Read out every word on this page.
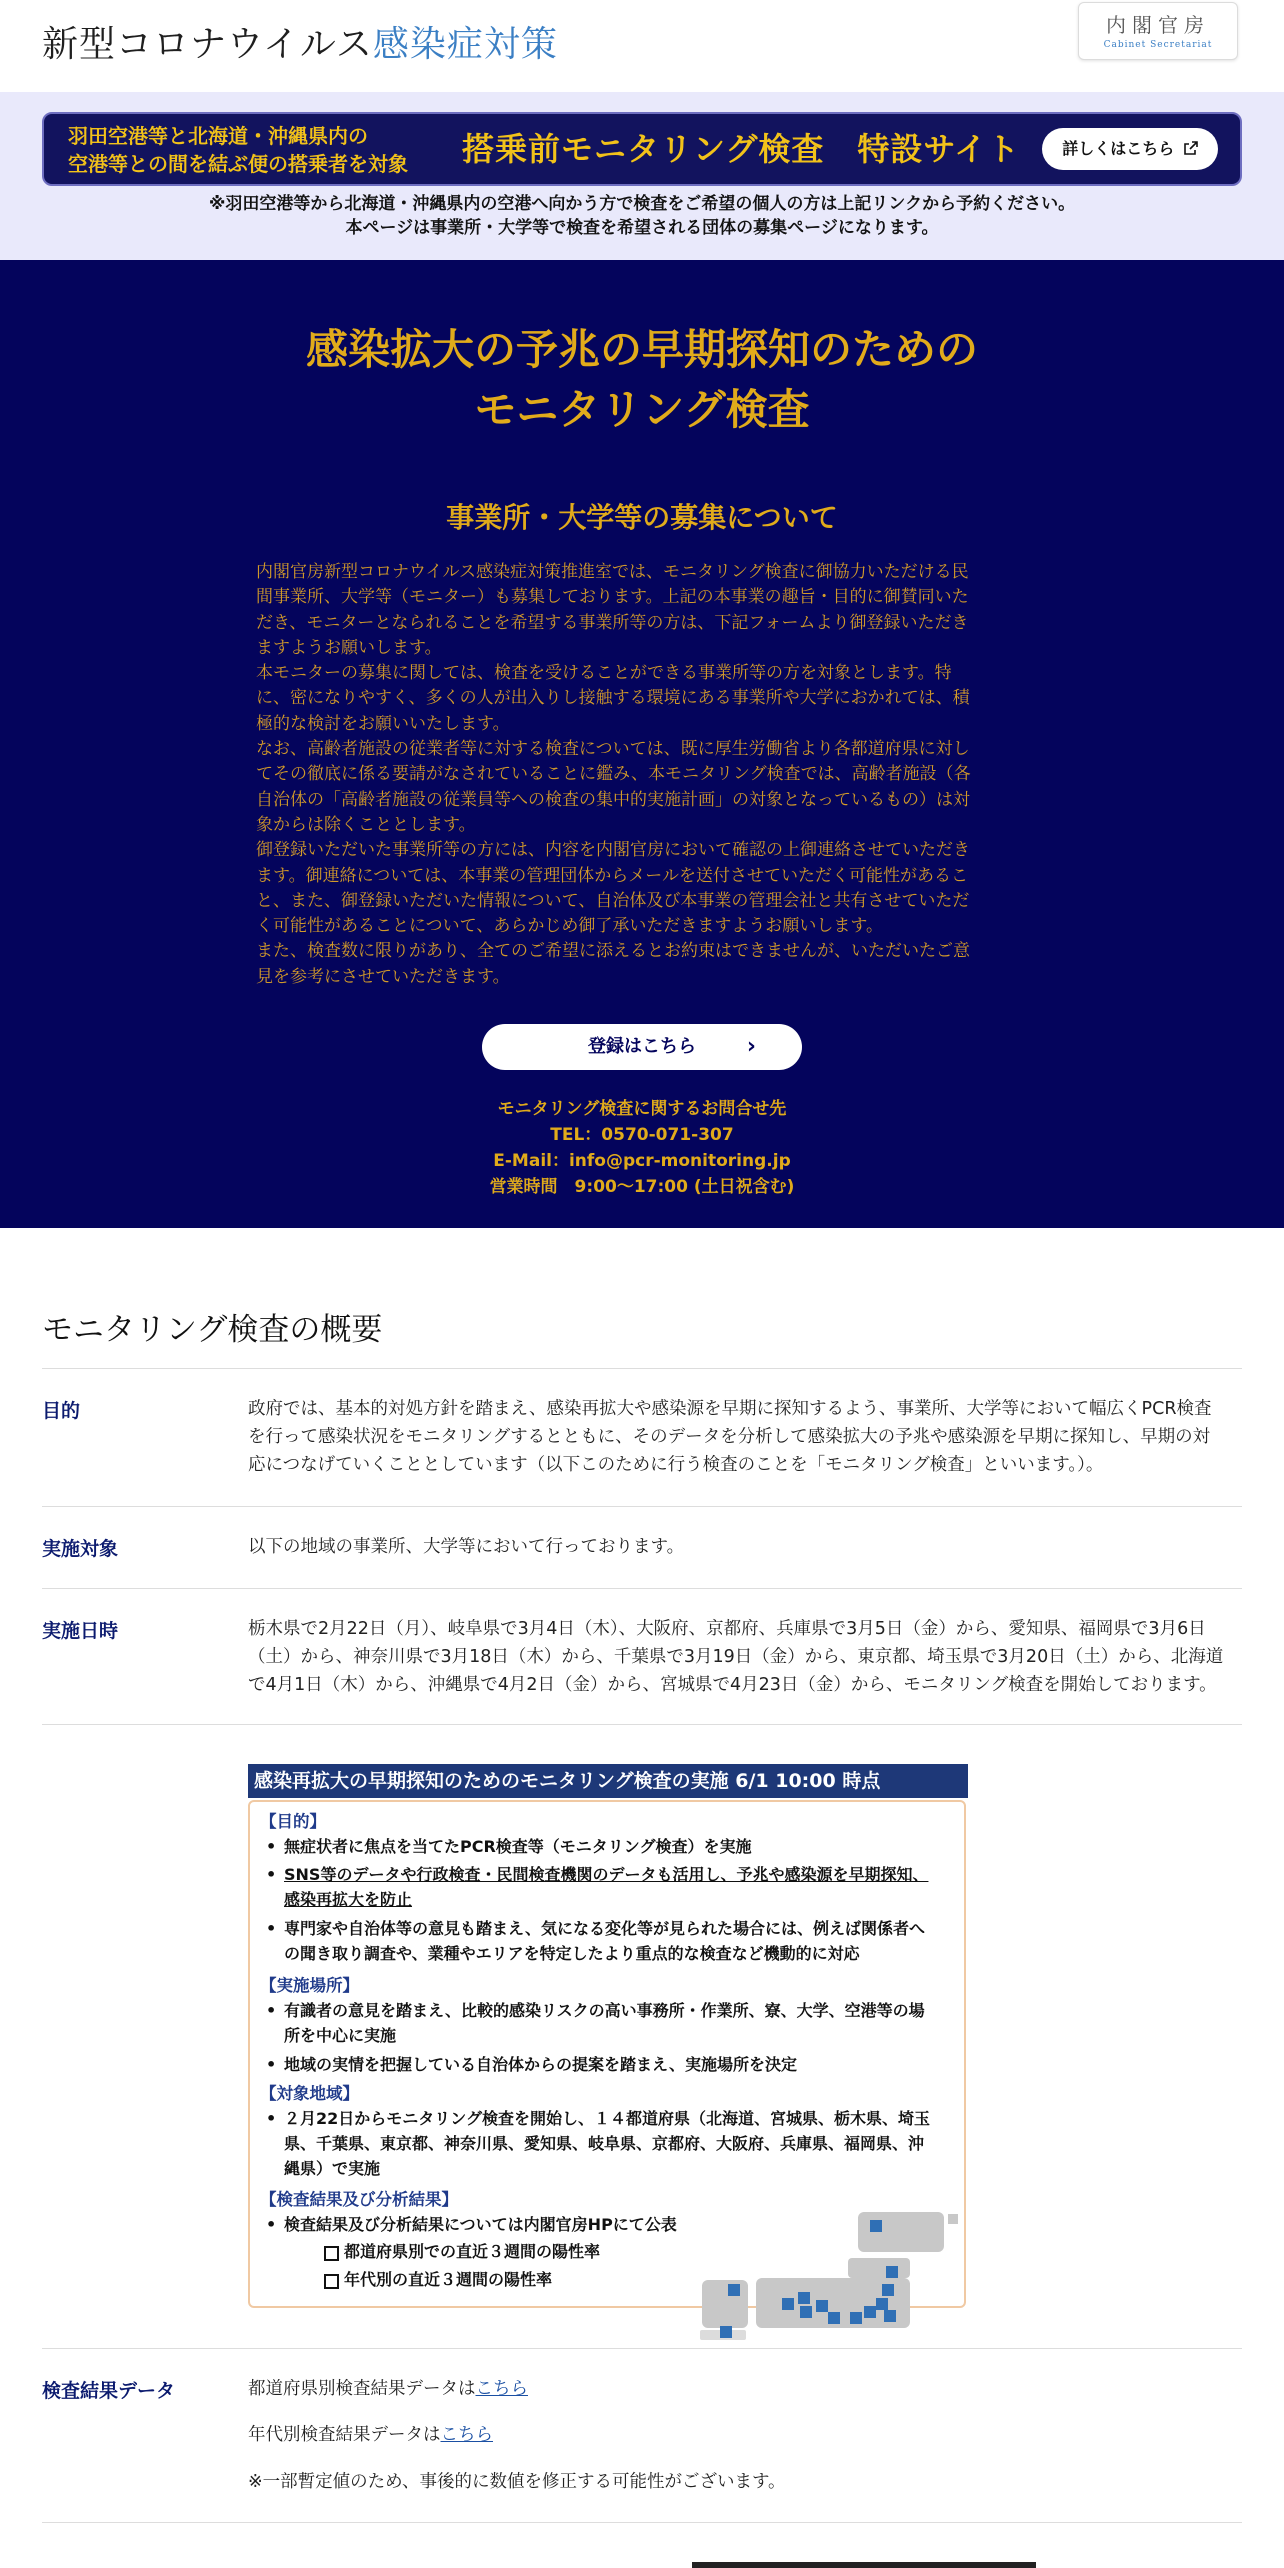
新型コロナウイルス感染症対策	内閣官房
Cabinet Secretariat
羽田空港等と北海道・沖縄県内の
空港等との間を結ぶ便の搭乗者を対象	搭乗前モニタリング検査　特設サイト	詳しくはこちら
※羽田空港等から北海道・沖縄県内の空港へ向かう方で検査をご希望の個人の方は上記リンクから予約ください。
本ページは事業所・大学等で検査を希望される団体の募集ページになります。
感染拡大の予兆の早期探知のための
モニタリング検査
事業所・大学等の募集について
内閣官房新型コロナウイルス感染症対策推進室では、モニタリング検査に御協力いただける民
間事業所、大学等（モニター）も募集しております。上記の本事業の趣旨・目的に御賛同いた
だき、モニターとなられることを希望する事業所等の方は、下記フォームより御登録いただき
ますようお願いします。
本モニターの募集に関しては、検査を受けることができる事業所等の方を対象とします。特
に、密になりやすく、多くの人が出入りし接触する環境にある事業所や大学におかれては、積
極的な検討をお願いいたします。
なお、高齢者施設の従業者等に対する検査については、既に厚生労働省より各都道府県に対し
てその徹底に係る要請がなされていることに鑑み、本モニタリング検査では、高齢者施設（各
自治体の「高齢者施設の従業員等への検査の集中的実施計画」の対象となっているもの）は対
象からは除くこととします。
御登録いただいた事業所等の方には、内容を内閣官房において確認の上御連絡させていただき
ます。御連絡については、本事業の管理団体からメールを送付させていただく可能性があるこ
と、また、御登録いただいた情報について、自治体及び本事業の管理会社と共有させていただ
く可能性があることについて、あらかじめ御了承いただきますようお願いします。
また、検査数に限りがあり、全てのご希望に添えるとお約束はできませんが、いただいたご意
見を参考にさせていただきます。
登録はこちら ›
モニタリング検査に関するお問合せ先
TEL：0570-071-307
E-Mail：info@pcr-monitoring.jp
営業時間　9:00～17:00 (土日祝含む)
モニタリング検査の概要
目的	政府では、基本的対処方針を踏まえ、感染再拡大や感染源を早期に探知するよう、事業所、大学等において幅広くPCR検査
を行って感染状況をモニタリングするとともに、そのデータを分析して感染拡大の予兆や感染源を早期に探知し、早期の対
応につなげていくこととしています（以下このために行う検査のことを「モニタリング検査」といいます。）。
実施対象	以下の地域の事業所、大学等において行っております。
実施日時	栃木県で2月22日（月）、岐阜県で3月4日（木）、大阪府、京都府、兵庫県で3月5日（金）から、愛知県、福岡県で3月6日
（土）から、神奈川県で3月18日（木）から、千葉県で3月19日（金）から、東京都、埼玉県で3月20日（土）から、北海道
で4月1日（木）から、沖縄県で4月2日（金）から、宮城県で4月23日（金）から、モニタリング検査を開始しております。
感染再拡大の早期探知のためのモニタリング検査の実施 6/1 10:00 時点
【目的】
• 無症状者に焦点を当てたPCR検査等（モニタリング検査）を実施
• SNS等のデータや行政検査・民間検査機関のデータも活用し、予兆や感染源を早期探知、
感染再拡大を防止
• 専門家や自治体等の意見も踏まえ、気になる変化等が見られた場合には、例えば関係者へ
の聞き取り調査や、業種やエリアを特定したより重点的な検査など機動的に対応
【実施場所】
• 有識者の意見を踏まえ、比較的感染リスクの高い事務所・作業所、寮、大学、空港等の場
所を中心に実施
• 地域の実情を把握している自治体からの提案を踏まえ、実施場所を決定
【対象地域】
• ２月22日からモニタリング検査を開始し、１４都道府県（北海道、宮城県、栃木県、埼玉
県、千葉県、東京都、神奈川県、愛知県、岐阜県、京都府、大阪府、兵庫県、福岡県、沖
縄県）で実施
【検査結果及び分析結果】
• 検査結果及び分析結果については内閣官房HPにて公表
都道府県別での直近３週間の陽性率
年代別の直近３週間の陽性率
検査結果データ	都道府県別検査結果データはこちら
年代別検査結果データはこちら
※一部暫定値のため、事後的に数値を修正する可能性がございます。
